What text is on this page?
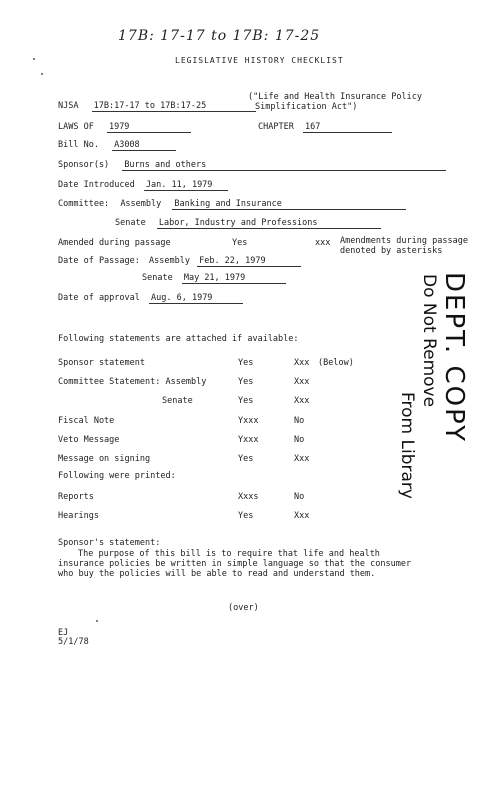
17B: 17-17 to 17B: 17-25
LEGISLATIVE HISTORY CHECKLIST
NJSA 17B:17-17 to 17B:17-25
("Life and Health Insurance Policy
Simplification Act")
LAWS OF 1979	CHAPTER 167
Bill No. A3008
Sponsor(s) Burns and others
Date Introduced Jan. 11, 1979
Committee: Assembly Banking and Insurance
Senate Labor, Industry and Professions
Amended during passage	Yes	xxx Amendments during passage
denoted by asterisks
Date of Passage: Assembly Feb. 22, 1979
Senate May 21, 1979
Date of approval Aug. 6, 1979
Following statements are attached if available:
Sponsor statement	Yes	Xxx (Below)
Committee Statement: Assembly	Yes	Xxx
Senate	Yes	Xxx
Fiscal Note	Yxxx	No
Veto Message	Yxxx	No
Message on signing	Yes	Xxx
Following were printed:
Reports	Xxxs	No
Hearings	Yes	Xxx
Sponsor's statement:
The purpose of this bill is to require that life and health insurance policies be written in simple language so that the consumer who buy the policies will be able to read and understand them.
(over)
EJ
5/1/78
DEPT. COPY
Do Not Remove
From Library
